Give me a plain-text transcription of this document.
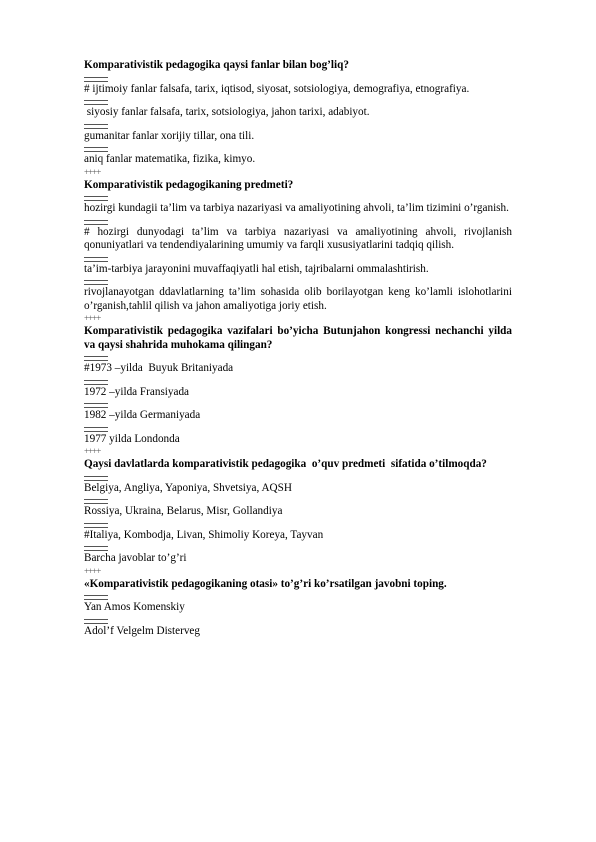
Komparativistik pedagogika qaysi fanlar bilan bog’liq?
# ijtimoiy fanlar falsafa, tarix, iqtisod, siyosat, sotsiologiya, demografiya, etnografiya.
siyosiy fanlar falsafa, tarix, sotsiologiya, jahon tarixi, adabiyot.
gumanitar fanlar xorijiy tillar, ona tili.
aniq fanlar matematika, fizika, kimyo.
++++
Komparativistik pedagogikaning predmeti?
hozirgi kundagii ta’lim va tarbiya nazariyasi va amaliyotining ahvoli, ta’lim tizimini o’rganish.
# hozirgi dunyodagi ta’lim va tarbiya nazariyasi va amaliyotining ahvoli, rivojlanish qonuniyatlari va tendendiyalarining umumiy va farqli xususiyatlarini tadqiq qilish.
ta’im-tarbiya jarayonini muvaffaqiyatli hal etish, tajribalarni ommalashtirish.
rivojlanayotgan ddavlatlarning ta’lim sohasida olib borilayotgan keng ko’lamli islohotlarini o’rganish,tahlil qilish va jahon amaliyotiga joriy etish.
++++
Komparativistik pedagogika vazifalari bo’yicha Butunjahon kongressi nechanchi yilda va qaysi shahrida muhokama qilingan?
#1973 –yilda  Buyuk Britaniyada
1972 –yilda Fransiyada
1982 –yilda Germaniyada
1977 yilda Londonda
++++
Qaysi davlatlarda komparativistik pedagogika  o’quv predmeti  sifatida o’tilmoqda?
Belgiya, Angliya, Yaponiya, Shvetsiya, AQSH
Rossiya, Ukraina, Belarus, Misr, Gollandiya
#Italiya, Kombodja, Livan, Shimoliy Koreya, Tayvan
Barcha javoblar to’g’ri
++++
«Komparativistik pedagogikaning otasi» to’g’ri ko’rsatilgan javobni toping.
Yan Amos Komenskiy
Adol’f Velgelm Disterveg
